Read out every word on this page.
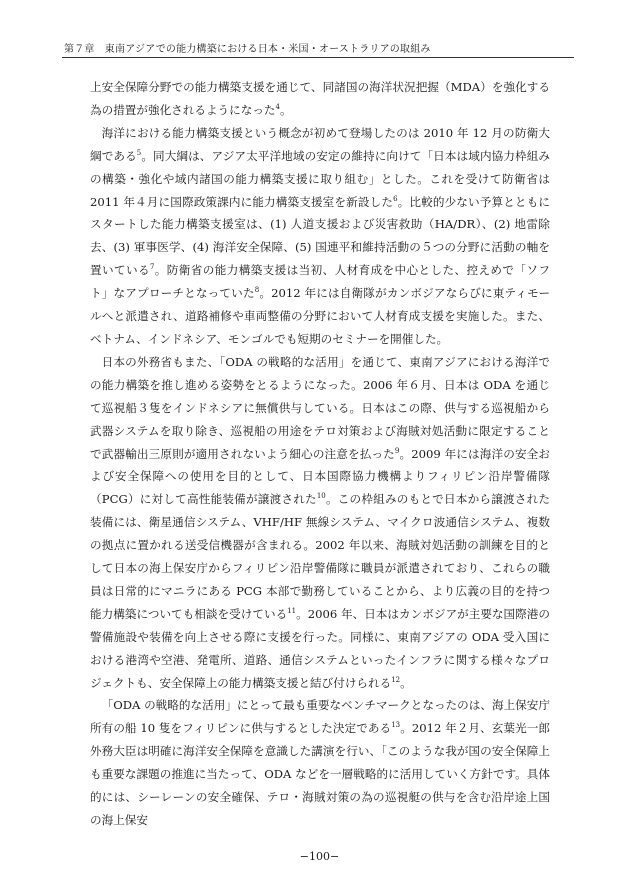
第７章　東南アジアでの能力構築における日本・米国・オーストラリアの取組み

上安全保障分野での能力構築支援を通じて、同諸国の海洋状況把握（MDA）を強化する為の措置が強化されるようになった$^4$。

海洋における能力構築支援という概念が初めて登場したのは 2010 年 12 月の防衛大綱である$^5$。同大綱は、アジア太平洋地域の安定の維持に向けて「日本は域内協力枠組みの構築・強化や域内諸国の能力構築支援に取り組む」とした。これを受けて防衛省は 2011 年４月に国際政策課内に能力構築支援室を新設した$^6$。比較的少ない予算とともにスタートした能力構築支援室は、(1) 人道支援および災害救助（HA/DR）、(2) 地雷除去、(3) 軍事医学、(4) 海洋安全保障、(5) 国連平和維持活動の５つの分野に活動の軸を置いている$^7$。防衛省の能力構築支援は当初、人材育成を中心とした、控えめで「ソフト」なアプローチとなっていた$^8$。2012 年には自衛隊がカンボジアならびに東ティモールへと派遣され、道路補修や車両整備の分野において人材育成支援を実施した。また、ベトナム、インドネシア、モンゴルでも短期のセミナーを開催した。

日本の外務省もまた、「ODA の戦略的な活用」を通じて、東南アジアにおける海洋での能力構築を推し進める姿勢をとるようになった。2006 年６月、日本は ODA を通じて巡視船３隻をインドネシアに無償供与している。日本はこの際、供与する巡視船から武器システムを取り除き、巡視船の用途をテロ対策および海賊対処活動に限定することで武器輸出三原則が適用されないよう細心の注意を払った$^9$。2009 年には海洋の安全および安全保障への使用を目的として、日本国際協力機構よりフィリピン沿岸警備隊（PCG）に対して高性能装備が譲渡された$^{10}$。この枠組みのもとで日本から譲渡された装備には、衛星通信システム、VHF/HF 無線システム、マイクロ波通信システム、複数の拠点に置かれる送受信機器が含まれる。2002 年以来、海賊対処活動の訓練を目的として日本の海上保安庁からフィリピン沿岸警備隊に職員が派遣されており、これらの職員は日常的にマニラにある PCG 本部で勤務していることから、より広義の目的を持つ能力構築についても相談を受けている$^{11}$。2006 年、日本はカンボジアが主要な国際港の警備施設や装備を向上させる際に支援を行った。同様に、東南アジアの ODA 受入国における港湾や空港、発電所、道路、通信システムといったインフラに関する様々なプロジェクトも、安全保障上の能力構築支援と結び付けられる$^{12}$。

「ODA の戦略的な活用」にとって最も重要なベンチマークとなったのは、海上保安庁所有の船 10 隻をフィリピンに供与するとした決定である$^{13}$。2012 年２月、玄葉光一郎外務大臣は明確に海洋安全保障を意識した講演を行い、「このような我が国の安全保障上も重要な課題の推進に当たって、ODA などを一層戦略的に活用していく方針です。具体的には、シーレーンの安全確保、テロ・海賊対策の為の巡視艇の供与を含む沿岸途上国の海上保安

−100−
